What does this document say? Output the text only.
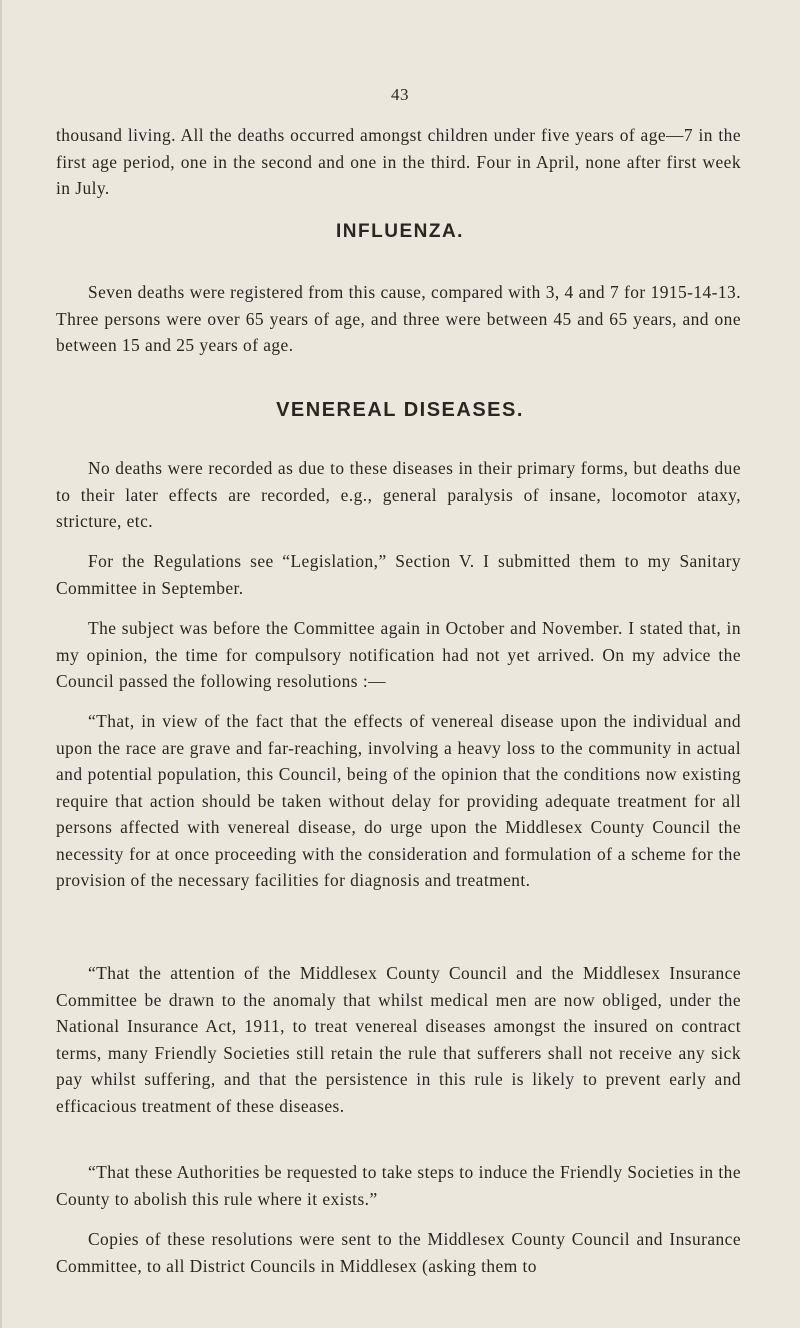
43

thousand living. All the deaths occurred amongst children under five years of age—7 in the first age period, one in the second and one in the third. Four in April, none after first week in July.

INFLUENZA.

Seven deaths were registered from this cause, compared with 3, 4 and 7 for 1915-14-13. Three persons were over 65 years of age, and three were between 45 and 65 years, and one between 15 and 25 years of age.

VENEREAL DISEASES.

No deaths were recorded as due to these diseases in their primary forms, but deaths due to their later effects are recorded, e.g., general paralysis of insane, locomotor ataxy, stricture, etc.

For the Regulations see “Legislation,” Section V. I submitted them to my Sanitary Committee in September.

The subject was before the Committee again in October and November. I stated that, in my opinion, the time for compulsory notification had not yet arrived. On my advice the Council passed the following resolutions :—

“That, in view of the fact that the effects of venereal disease upon the individual and upon the race are grave and far-reaching, involving a heavy loss to the community in actual and potential population, this Council, being of the opinion that the conditions now existing require that action should be taken without delay for providing adequate treatment for all persons affected with venereal disease, do urge upon the Middlesex County Council the necessity for at once proceeding with the consideration and formulation of a scheme for the provision of the necessary facilities for diagnosis and treatment.

“That the attention of the Middlesex County Council and the Middlesex Insurance Committee be drawn to the anomaly that whilst medical men are now obliged, under the National Insurance Act, 1911, to treat venereal diseases amongst the insured on contract terms, many Friendly Societies still retain the rule that sufferers shall not receive any sick pay whilst suffering, and that the persistence in this rule is likely to prevent early and efficacious treatment of these diseases.

“That these Authorities be requested to take steps to induce the Friendly Societies in the County to abolish this rule where it exists.”

Copies of these resolutions were sent to the Middlesex County Council and Insurance Committee, to all District Councils in Middlesex (asking them to
